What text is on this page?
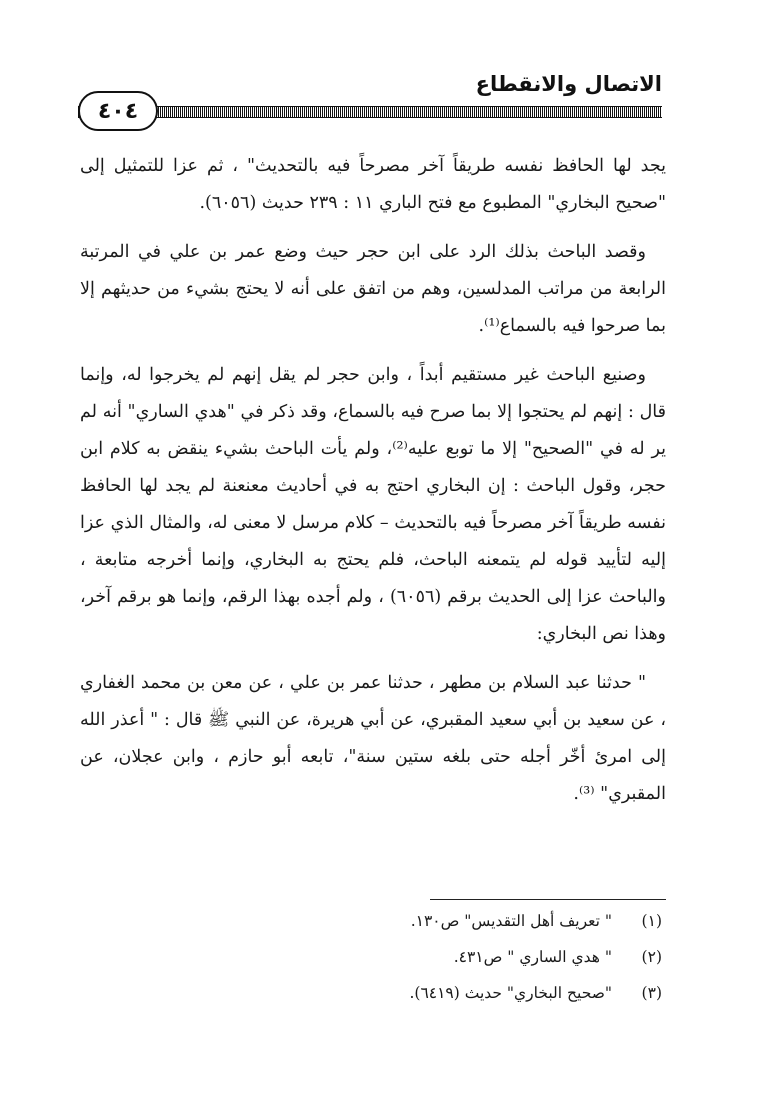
الاتصال والانقطاع
٤٠٤

يجد لها الحافظ نفسه طريقاً آخر مصرحاً فيه بالتحديث" ، ثم عزا للتمثيل إلى "صحيح البخاري" المطبوع مع فتح الباري ١١ : ٢٣٩ حديث (٦٠٥٦).

وقصد الباحث بذلك الرد على ابن حجر حيث وضع عمر بن علي في المرتبة الرابعة من مراتب المدلسين، وهم من اتفق على أنه لا يحتج بشيء من حديثهم إلا بما صرحوا فيه بالسماع⁽¹⁾.

وصنيع الباحث غير مستقيم أبداً ، وابن حجر لم يقل إنهم لم يخرجوا له، وإنما قال : إنهم لم يحتجوا إلا بما صرح فيه بالسماع، وقد ذكر في "هدي الساري" أنه لم ير له في "الصحيح" إلا ما توبع عليه⁽²⁾، ولم يأت الباحث بشيء ينقض به كلام ابن حجر، وقول الباحث : إن البخاري احتج به في أحاديث معنعنة لم يجد لها الحافظ نفسه طريقاً آخر مصرحاً فيه بالتحديث – كلام مرسل لا معنى له، والمثال الذي عزا إليه لتأييد قوله لم يتمعنه الباحث، فلم يحتج به البخاري، وإنما أخرجه متابعة ، والباحث عزا إلى الحديث برقم (٦٠٥٦) ، ولم أجده بهذا الرقم، وإنما هو برقم آخر، وهذا نص البخاري:

" حدثنا عبد السلام بن مطهر ، حدثنا عمر بن علي ، عن معن بن محمد الغفاري ، عن سعيد بن أبي سعيد المقبري، عن أبي هريرة، عن النبي ﷺ قال : " أعذر الله إلى امرئ أخّر أجله حتى بلغه ستين سنة"، تابعه أبو حازم ، وابن عجلان، عن المقبري" ⁽³⁾.

(١)
" تعريف أهل التقديس" ص١٣٠.
(٢)
" هدي الساري " ص٤٣١.
(٣)
"صحيح البخاري" حديث (٦٤١٩).
